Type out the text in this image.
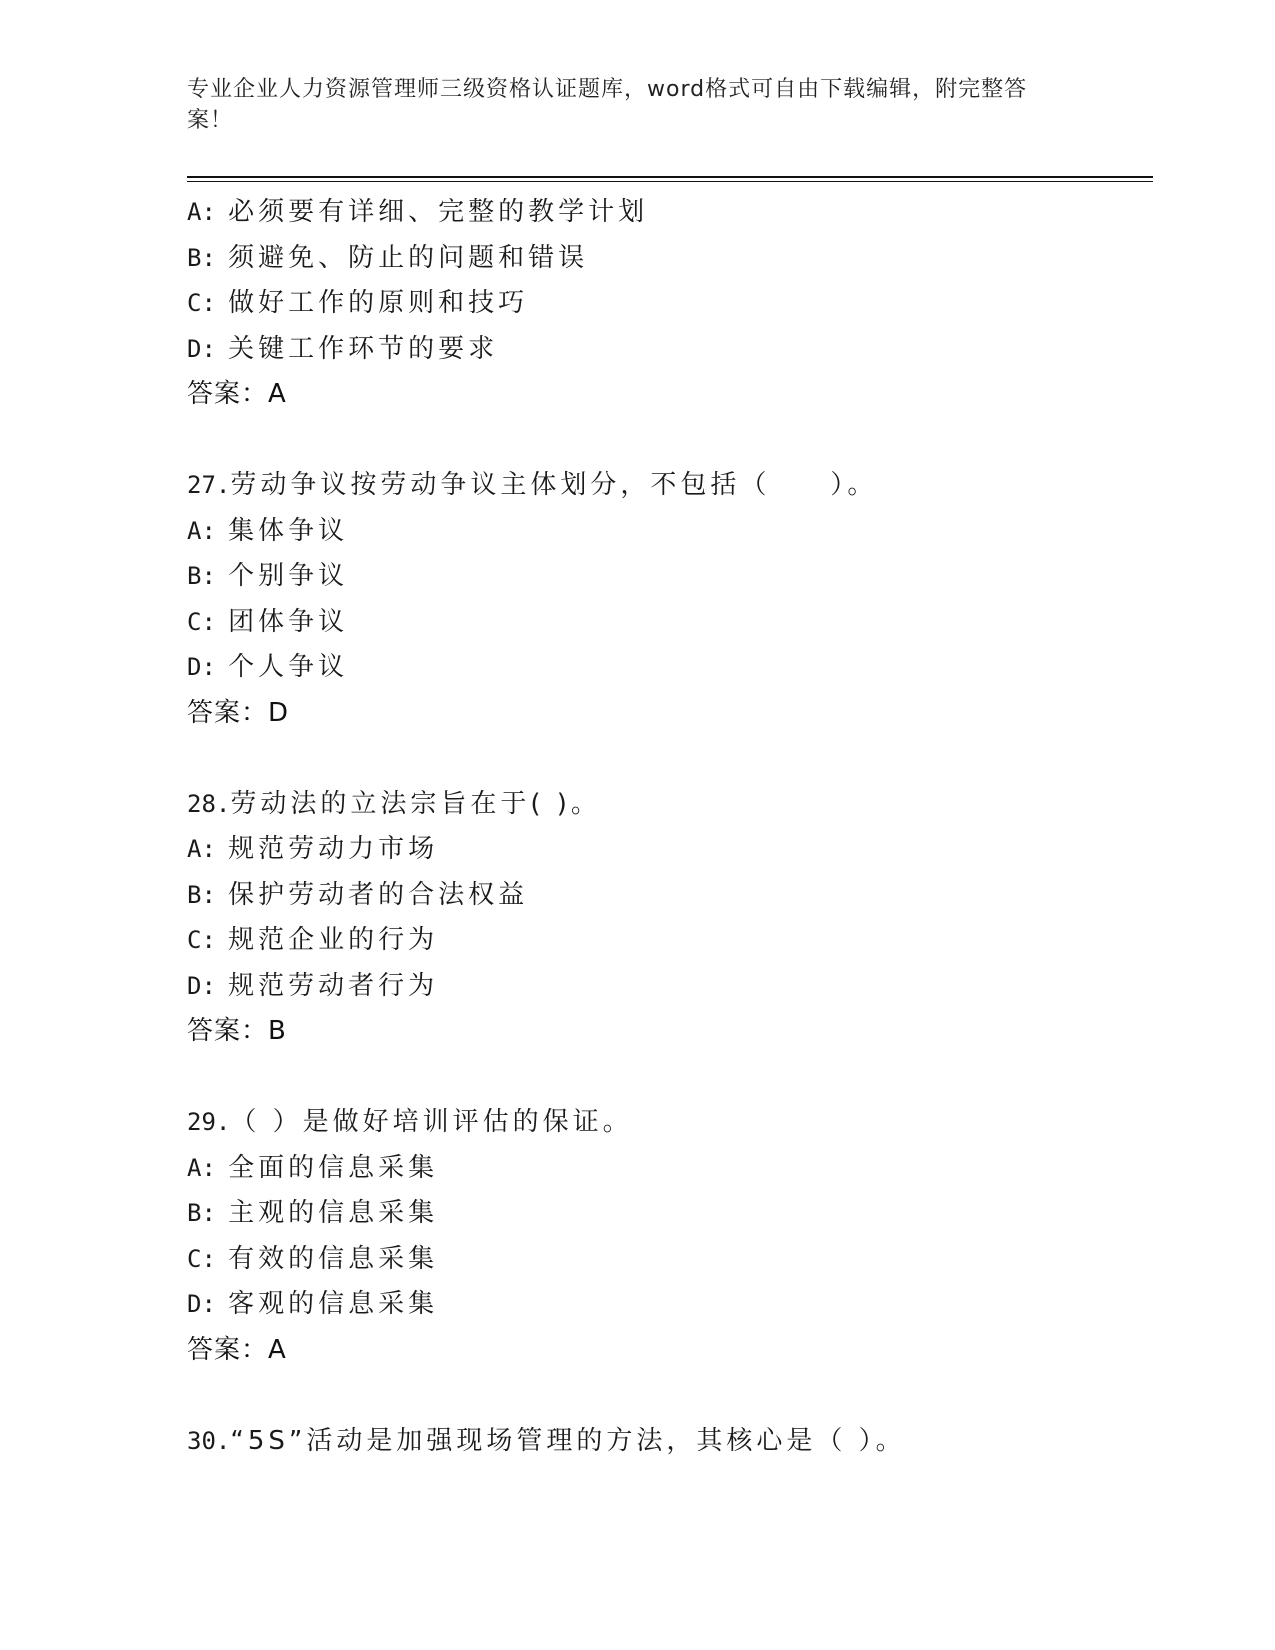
专业企业人力资源管理师三级资格认证题库，word格式可自由下载编辑，附完整答案！
A: 必须要有详细、完整的教学计划
B: 须避免、防止的问题和错误
C: 做好工作的原则和技巧
D: 关键工作环节的要求
答案：A
27.劳动争议按劳动争议主体划分，不包括（　　）。
A: 集体争议
B: 个别争议
C: 团体争议
D: 个人争议
答案：D
28.劳动法的立法宗旨在于( )。
A: 规范劳动力市场
B: 保护劳动者的合法权益
C: 规范企业的行为
D: 规范劳动者行为
答案：B
29.（ ）是做好培训评估的保证。
A: 全面的信息采集
B: 主观的信息采集
C: 有效的信息采集
D: 客观的信息采集
答案：A
30.“5S”活动是加强现场管理的方法，其核心是（ ）。
